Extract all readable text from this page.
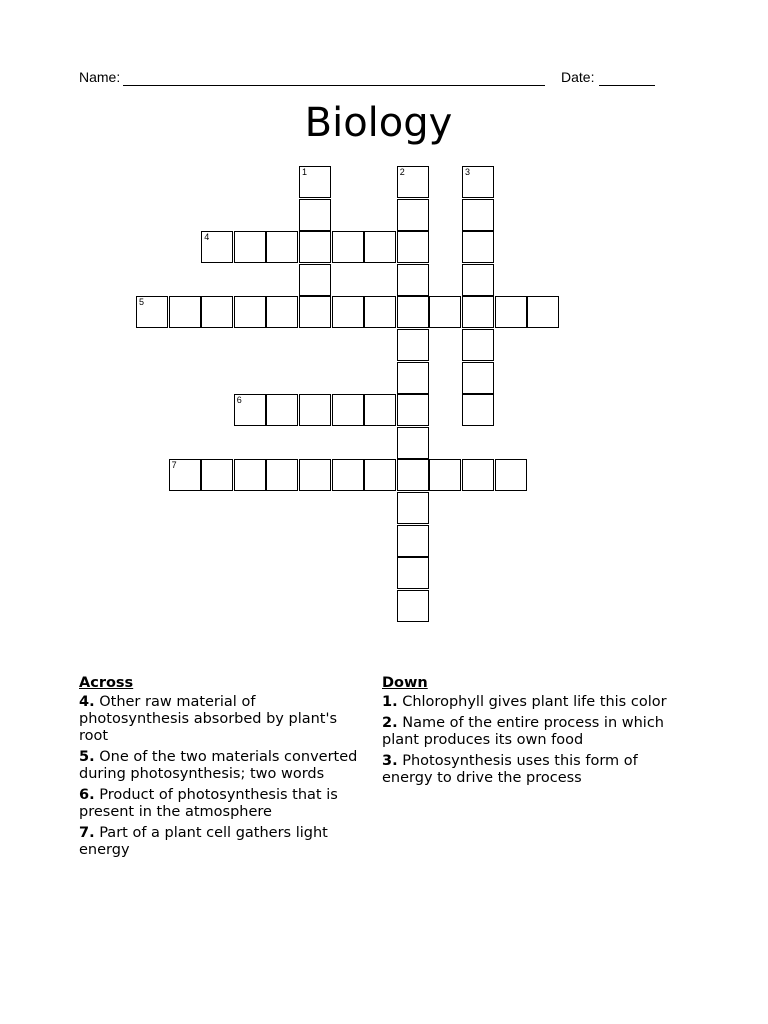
Name:	Date:
Biology
1	2	3
4
5
6
7
Across
4. Other raw material of photosynthesis absorbed by plant's root
5. One of the two materials converted during photosynthesis; two words
6. Product of photosynthesis that is present in the atmosphere
7. Part of a plant cell gathers light energy
Down
1. Chlorophyll gives plant life this color
2. Name of the entire process in which plant produces its own food
3. Photosynthesis uses this form of energy to drive the process
